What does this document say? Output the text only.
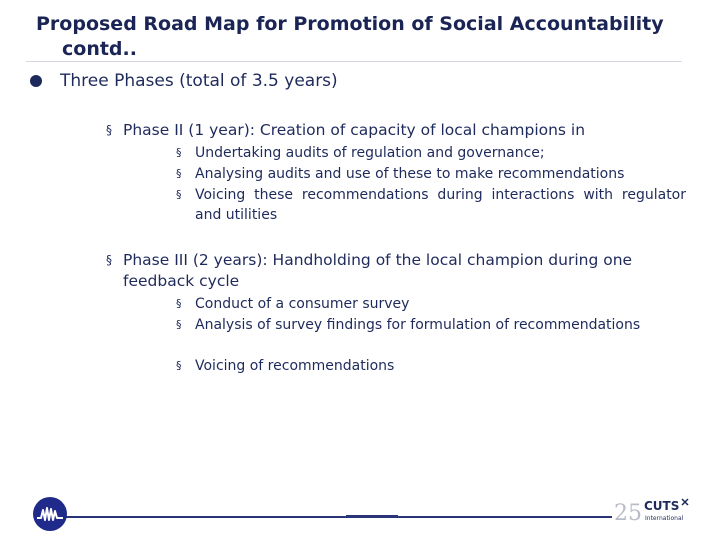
Proposed Road Map for Promotion of Social Accountability
contd..
Three Phases (total of 3.5 years)
§ Phase II (1 year): Creation of capacity of local champions in
§ Undertaking audits of regulation and governance;
§ Analysing audits and use of these to make recommendations
§ Voicing these recommendations during interactions with regulator and utilities
§ Phase III (2 years): Handholding of the local champion during one feedback cycle
§ Conduct of a consumer survey
§ Analysis of survey findings for formulation of recommendations
§ Voicing of recommendations
25 CUTS
International
